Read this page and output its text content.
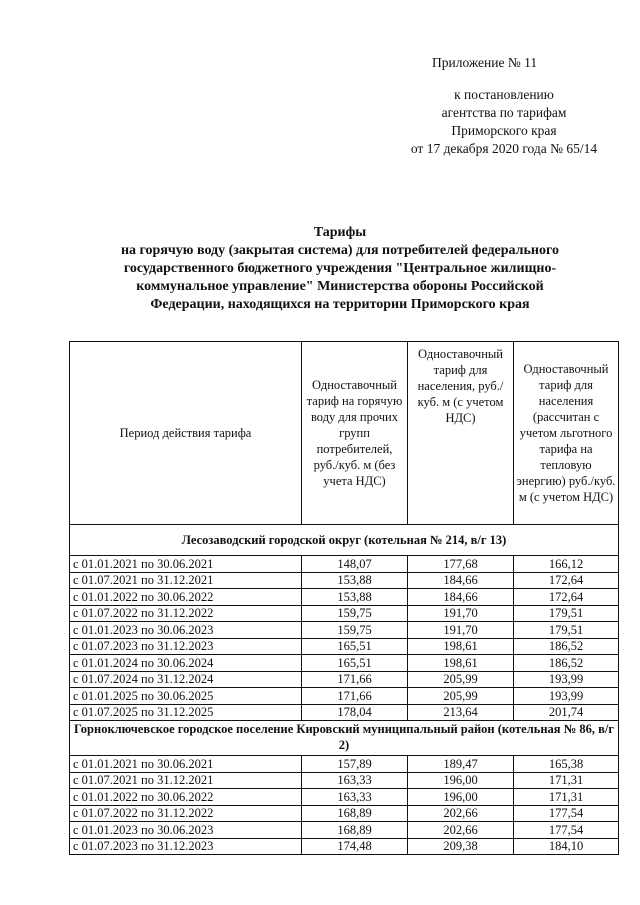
Приложение № 11
к постановлению
агентства по тарифам
Приморского края
от 17 декабря 2020 года № 65/14
Тарифы
на горячую воду (закрытая система) для потребителей федерального
государственного бюджетного учреждения "Центральное жилищно-
коммунальное управление" Министерства обороны Российской
Федерации, находящихся на территории Приморского края
Период действия тарифа	Одноставочный тариф на горячую воду для прочих групп потребителей, руб./куб. м (без учета НДС)	Одноставочный тариф для населения, руб./куб. м (с учетом НДС)	Одноставочный тариф для населения (рассчитан с учетом льготного тарифа на тепловую энергию) руб./куб. м (с учетом НДС)
Лесозаводский городской округ (котельная № 214, в/г 13)			
с 01.01.2021 по 30.06.2021	148,07	177,68	166,12
с 01.07.2021 по 31.12.2021	153,88	184,66	172,64
с 01.01.2022 по 30.06.2022	153,88	184,66	172,64
с 01.07.2022 по 31.12.2022	159,75	191,70	179,51
с 01.01.2023 по 30.06.2023	159,75	191,70	179,51
с 01.07.2023 по 31.12.2023	165,51	198,61	186,52
с 01.01.2024 по 30.06.2024	165,51	198,61	186,52
с 01.07.2024 по 31.12.2024	171,66	205,99	193,99
с 01.01.2025 по 30.06.2025	171,66	205,99	193,99
с 01.07.2025 по 31.12.2025	178,04	213,64	201,74
Горноключевское городское поселение Кировский муниципальный район (котельная № 86, в/г 2)			
с 01.01.2021 по 30.06.2021	157,89	189,47	165,38
с 01.07.2021 по 31.12.2021	163,33	196,00	171,31
с 01.01.2022 по 30.06.2022	163,33	196,00	171,31
с 01.07.2022 по 31.12.2022	168,89	202,66	177,54
с 01.01.2023 по 30.06.2023	168,89	202,66	177,54
с 01.07.2023 по 31.12.2023	174,48	209,38	184,10
